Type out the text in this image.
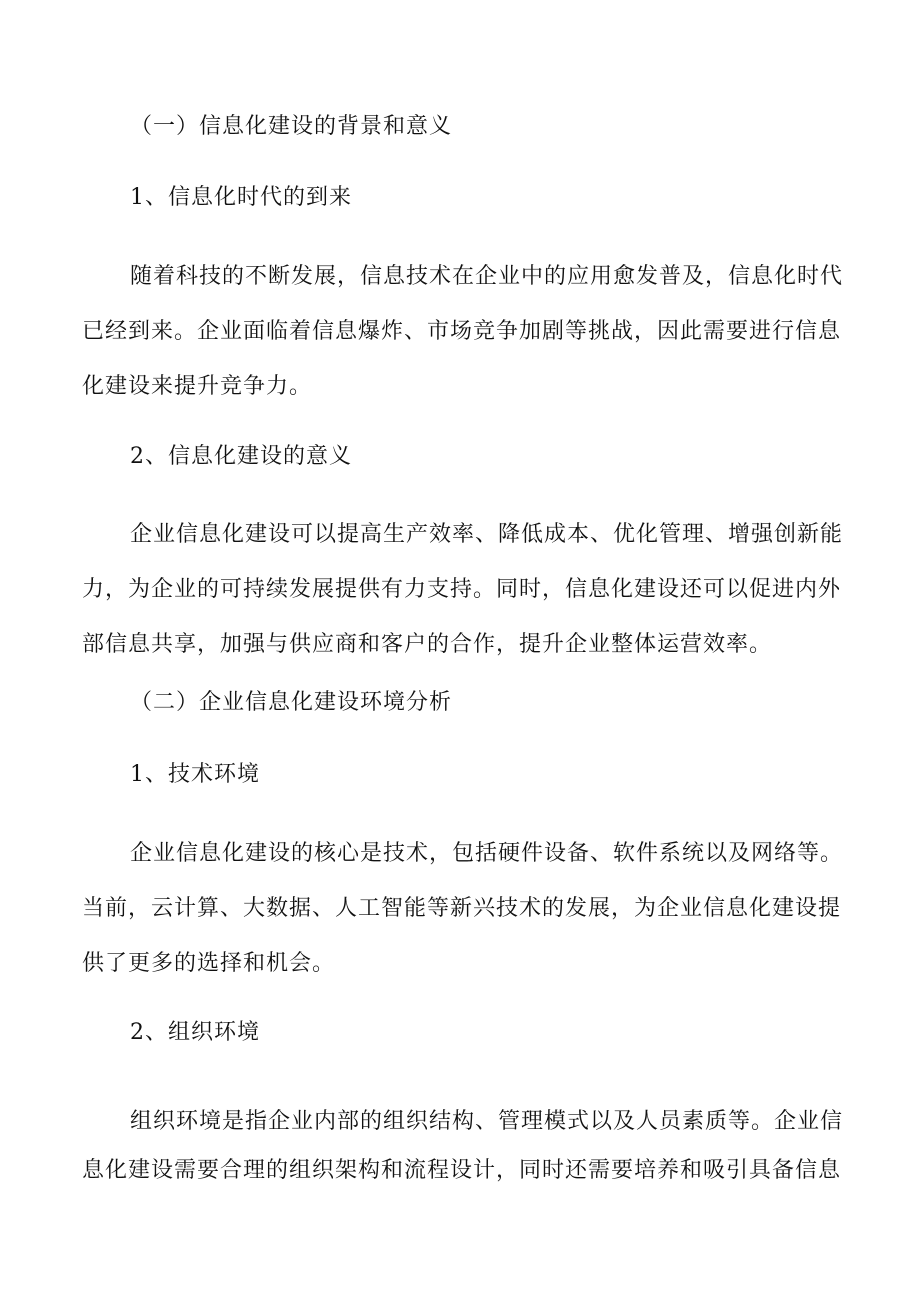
（一）信息化建设的背景和意义
1、信息化时代的到来
随着科技的不断发展，信息技术在企业中的应用愈发普及，信息化时代
已经到来。企业面临着信息爆炸、市场竞争加剧等挑战，因此需要进行信息
化建设来提升竞争力。
2、信息化建设的意义
企业信息化建设可以提高生产效率、降低成本、优化管理、增强创新能
力，为企业的可持续发展提供有力支持。同时，信息化建设还可以促进内外
部信息共享，加强与供应商和客户的合作，提升企业整体运营效率。
（二）企业信息化建设环境分析
1、技术环境
企业信息化建设的核心是技术，包括硬件设备、软件系统以及网络等。
当前，云计算、大数据、人工智能等新兴技术的发展，为企业信息化建设提
供了更多的选择和机会。
2、组织环境
组织环境是指企业内部的组织结构、管理模式以及人员素质等。企业信
息化建设需要合理的组织架构和流程设计，同时还需要培养和吸引具备信息
